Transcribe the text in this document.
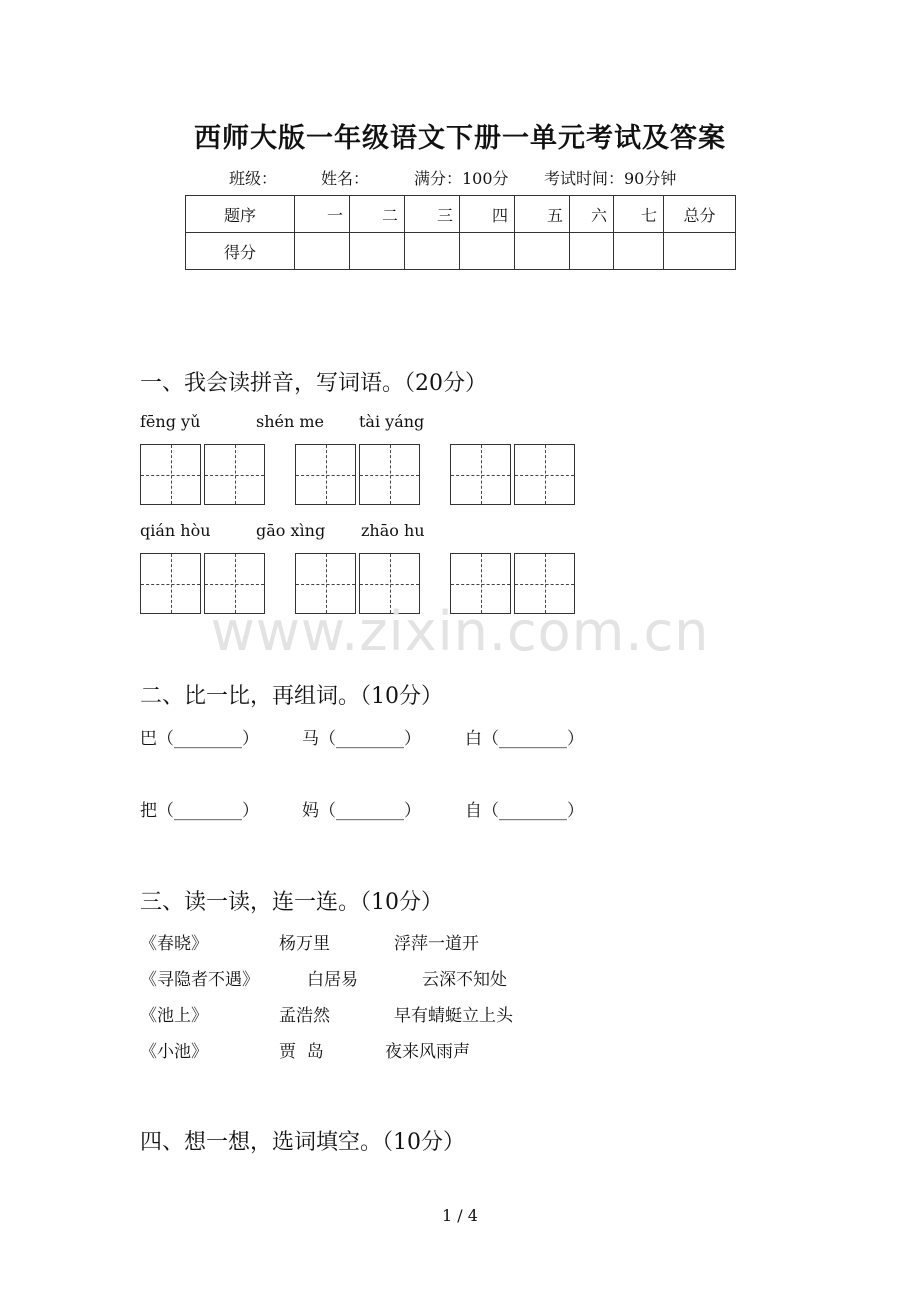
西师大版一年级语文下册一单元考试及答案
班级：	姓名：	满分：100分 考试时间：90分钟
题序	一	二	三	四	五	六	七	总分
得分								
一、我会读拼音，写词语。（20分）
fēng yǔ	shén me tài yáng
qián hòu	gāo xìng zhāo hu
www.zixin.com.cn
二、比一比，再组词。（10分）
巴（________）	马（________）	白（________）
把（________）	妈（________）	自（________）
三、读一读，连一连。（10分）
《春晓》	杨万里	浮萍一道开
《寻隐者不遇》	白居易	云深不知处
《池上》	孟浩然	早有蜻蜓立上头
《小池》	贾  岛	夜来风雨声
四、想一想，选词填空。（10分）
1 / 4
